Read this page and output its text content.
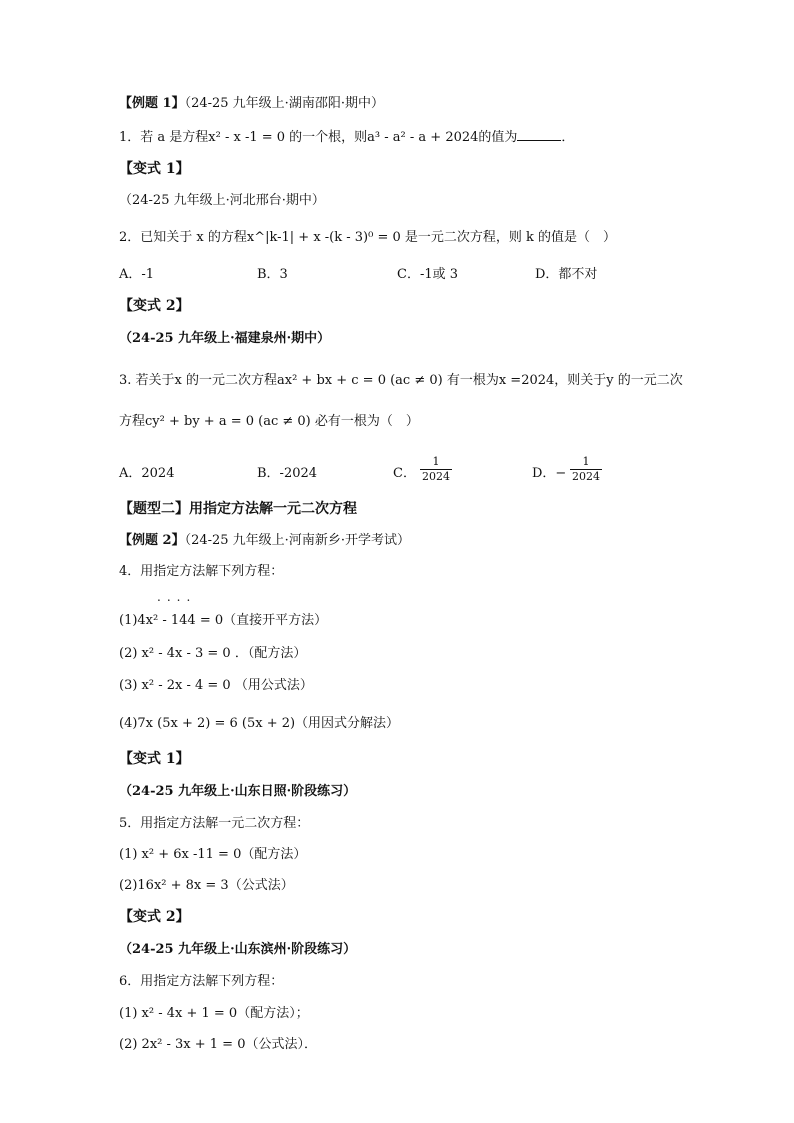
【例题 1】（24-25 九年级上·湖南邵阳·期中）
1．若 a 是方程x² - x -1 = 0 的一个根，则a³ - a² - a + 2024的值为	．
【变式 1】
（24-25 九年级上·河北邢台·期中）
2．已知关于 x 的方程x^|k-1| + x -(k - 3)⁰ = 0 是一元二次方程，则 k 的值是（　）
A．-1	B．3	C．-1或 3	D．都不对
【变式 2】
（24-25 九年级上·福建泉州·期中）
3. 若关于x 的一元二次方程ax² + bx + c = 0 (ac ≠ 0) 有一根为x =2024，则关于y 的一元二次
方程cy² + by + a = 0 (ac ≠ 0) 必有一根为（　）
A．2024	B．-2024	C． $\frac{1}{2024}$	D．− $\frac{1}{2024}$
【题型二】用指定方法解一元二次方程
【例题 2】（24-25 九年级上·河南新乡·开学考试）
4．用指定方法解下列方程：
....
(1)4x² - 144 = 0（直接开平方法）
(2) x² - 4x - 3 = 0 ．（配方法）
(3) x² - 2x - 4 = 0 （用公式法）
(4)7x (5x + 2) = 6 (5x + 2)（用因式分解法）
【变式 1】
（24-25 九年级上·山东日照·阶段练习）
5．用指定方法解一元二次方程：
(1) x² + 6x -11 = 0（配方法）
(2)16x² + 8x = 3（公式法）
【变式 2】
（24-25 九年级上·山东滨州·阶段练习）
6．用指定方法解下列方程：
(1) x² - 4x + 1 = 0（配方法）；
(2) 2x² - 3x + 1 = 0（公式法）．
